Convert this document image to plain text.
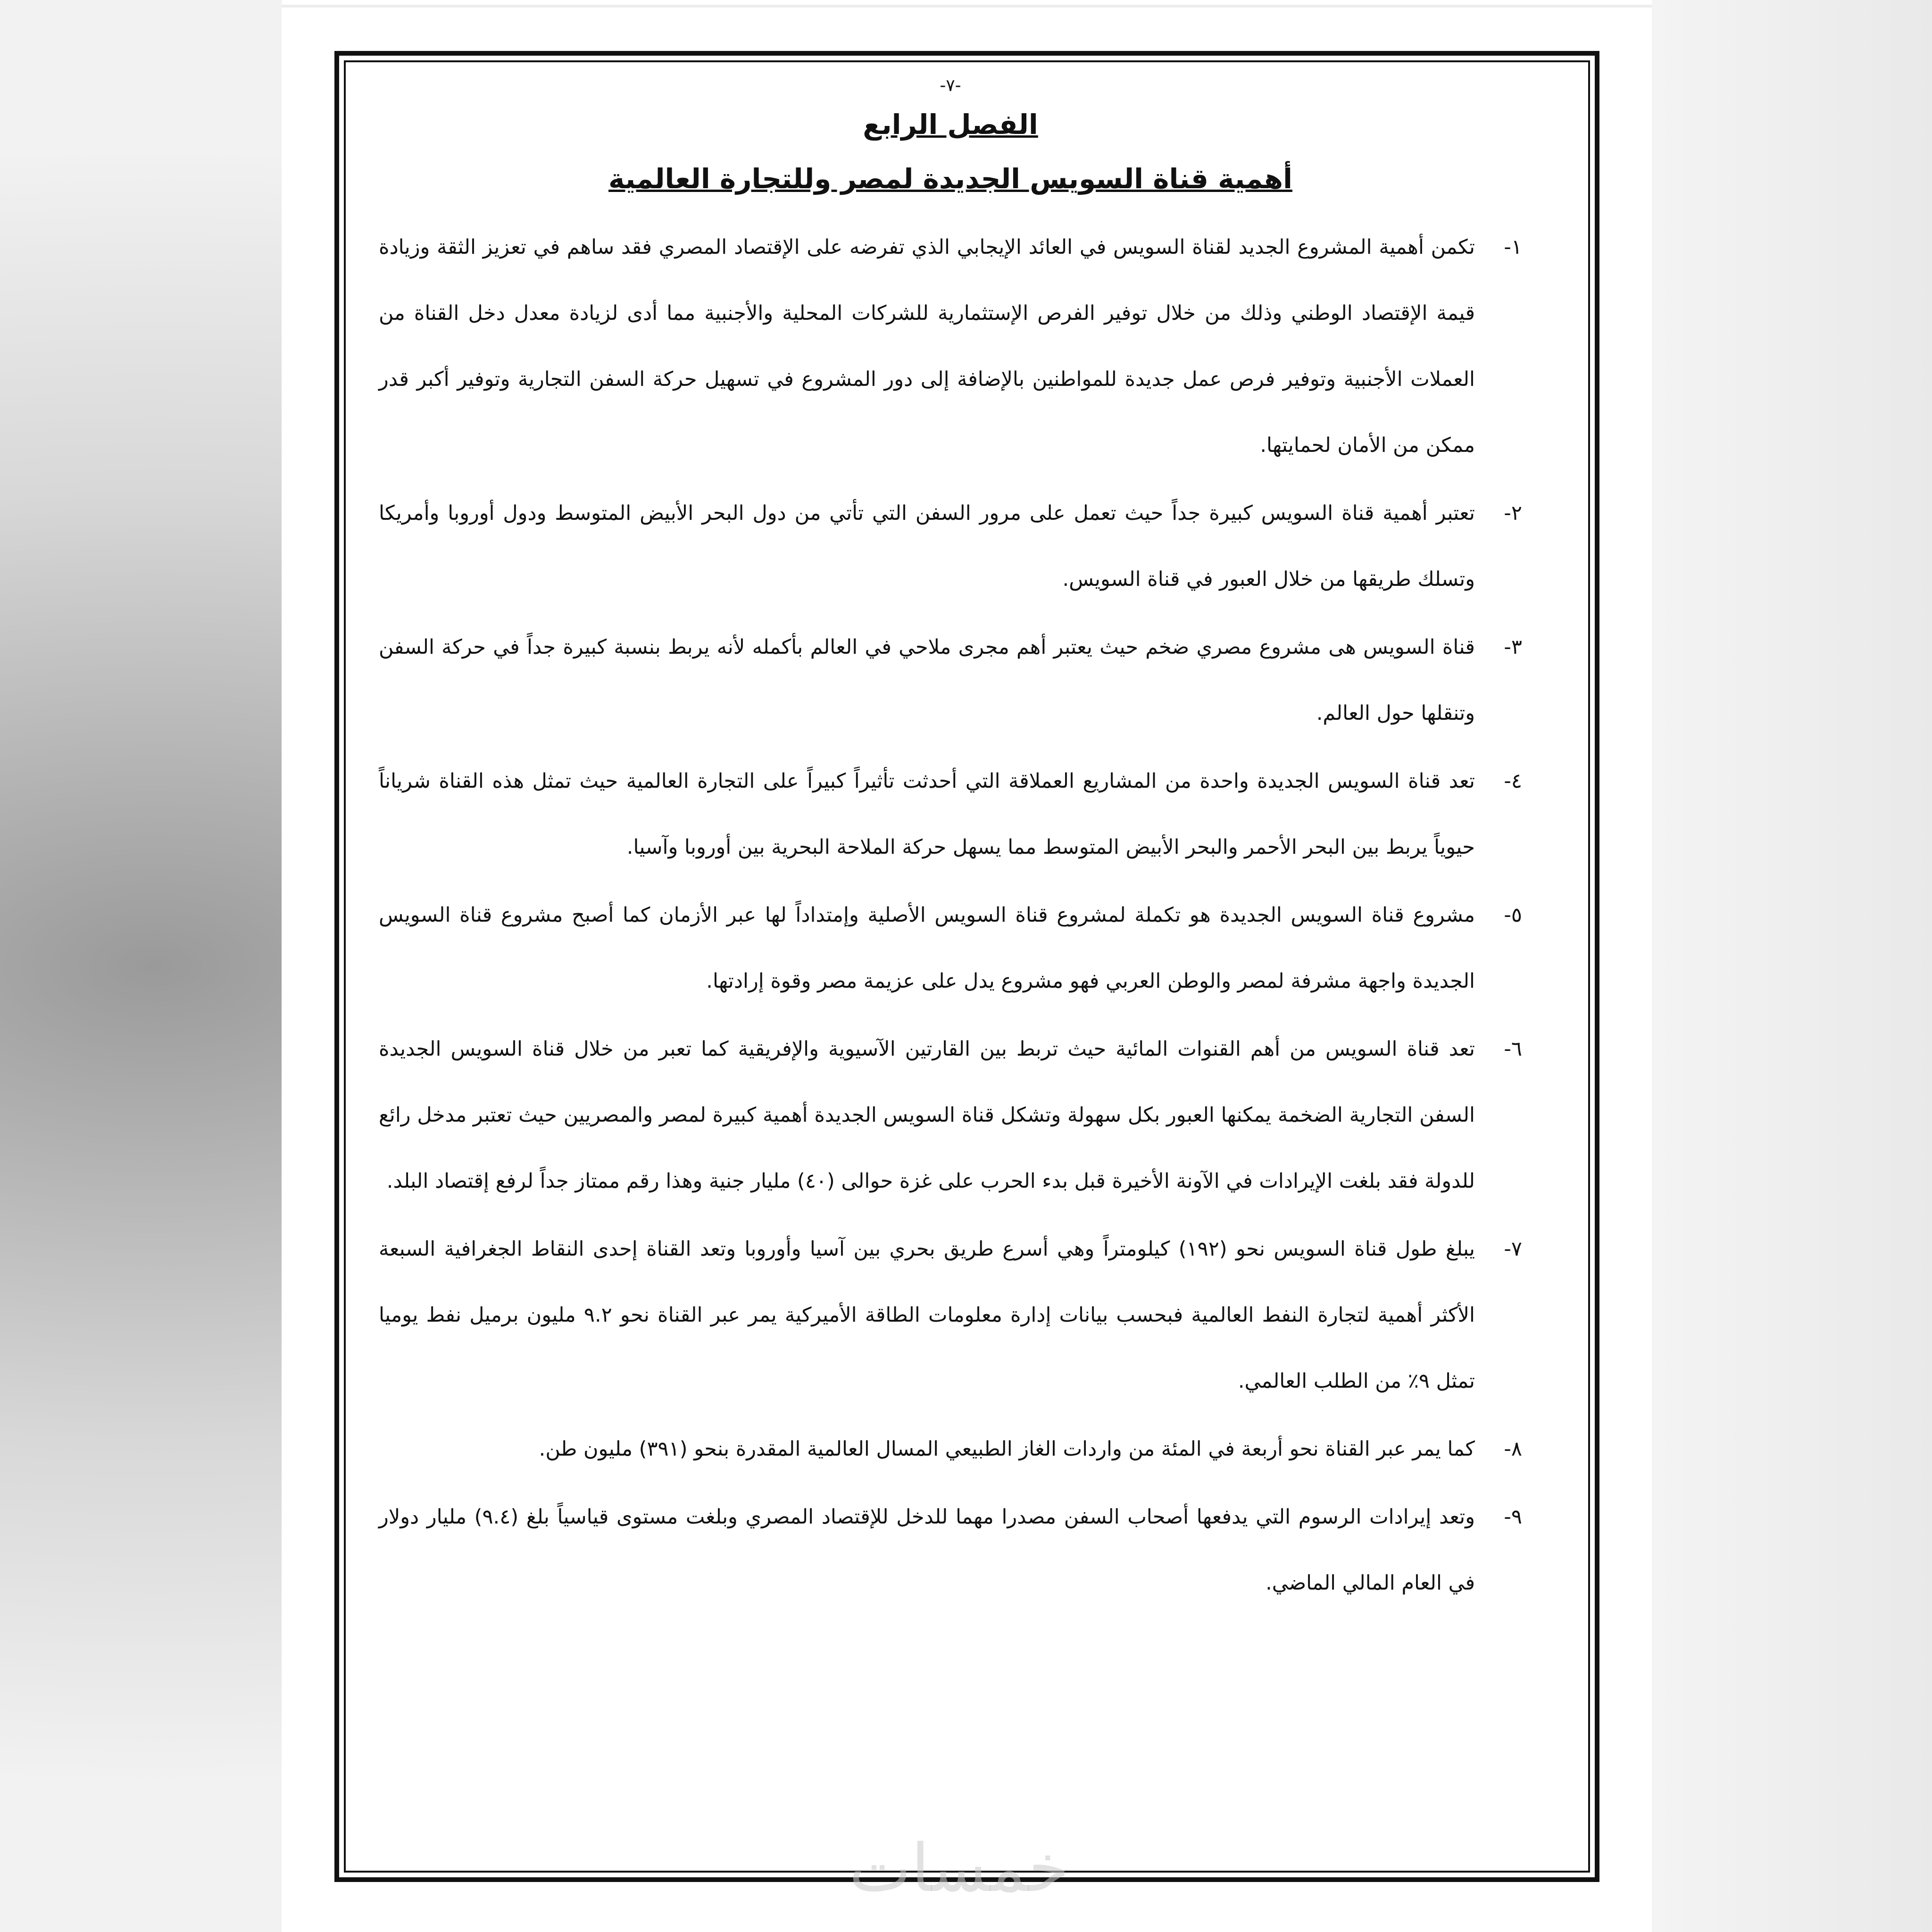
-٧-
الفصل الرابع
أهمية قناة السويس الجديدة لمصر وللتجارة العالمية
١-
تكمن أهمية المشروع الجديد لقناة السويس في العائد الإيجابي الذي تفرضه على الإقتصاد المصري فقد ساهم في تعزيز الثقة وزيادة قيمة الإقتصاد الوطني وذلك من خلال توفير الفرص الإستثمارية للشركات المحلية والأجنبية مما أدى لزيادة معدل دخل القناة من العملات الأجنبية وتوفير فرص عمل جديدة للمواطنين بالإضافة إلى دور المشروع في تسهيل حركة السفن التجارية وتوفير أكبر قدر ممكن من الأمان لحمايتها.
٢-
تعتبر أهمية قناة السويس كبيرة جداً حيث تعمل على مرور السفن التي تأتي من دول البحر الأبيض المتوسط ودول أوروبا وأمريكا وتسلك طريقها من خلال العبور في قناة السويس.
٣-
قناة السويس هى مشروع مصري ضخم حيث يعتبر أهم مجرى ملاحي في العالم بأكمله لأنه يربط بنسبة كبيرة جداً في حركة السفن وتنقلها حول العالم.
٤-
تعد قناة السويس الجديدة واحدة من المشاريع العملاقة التي أحدثت تأثيراً كبيراً على التجارة العالمية حيث تمثل هذه القناة شرياناً حيوياً يربط بين البحر الأحمر والبحر الأبيض المتوسط مما يسهل حركة الملاحة البحرية بين أوروبا وآسيا.
٥-
مشروع قناة السويس الجديدة هو تكملة لمشروع قناة السويس الأصلية وإمتداداً لها عبر الأزمان كما أصبح مشروع قناة السويس الجديدة واجهة مشرفة لمصر والوطن العربي فهو مشروع يدل على عزيمة مصر وقوة إرادتها.
٦-
تعد قناة السويس من أهم القنوات المائية حيث تربط بين القارتين الآسيوية والإفريقية كما تعبر من خلال قناة السويس الجديدة السفن التجارية الضخمة يمكنها العبور بكل سهولة وتشكل قناة السويس الجديدة أهمية كبيرة لمصر والمصريين حيث تعتبر مدخل رائع للدولة فقد بلغت الإيرادات في الآونة الأخيرة قبل بدء الحرب على غزة حوالى (٤٠) مليار جنية وهذا رقم ممتاز جداً لرفع إقتصاد البلد.
٧-
يبلغ طول قناة السويس نحو (١٩٢) كيلومتراً وهي أسرع طريق بحري بين آسيا وأوروبا وتعد القناة إحدى النقاط الجغرافية السبعة الأكثر أهمية لتجارة النفط العالمية فبحسب بيانات إدارة معلومات الطاقة الأميركية يمر عبر القناة نحو ٩.٢ مليون برميل نفط يوميا تمثل ٩٪ من الطلب العالمي.
٨-
كما يمر عبر القناة نحو أربعة في المئة من واردات الغاز الطبيعي المسال العالمية المقدرة بنحو (٣٩١) مليون طن.
٩-
وتعد إيرادات الرسوم التي يدفعها أصحاب السفن مصدرا مهما للدخل للإقتصاد المصري وبلغت مستوى قياسياً بلغ (٩.٤) مليار دولار في العام المالي الماضي.
خمسات
